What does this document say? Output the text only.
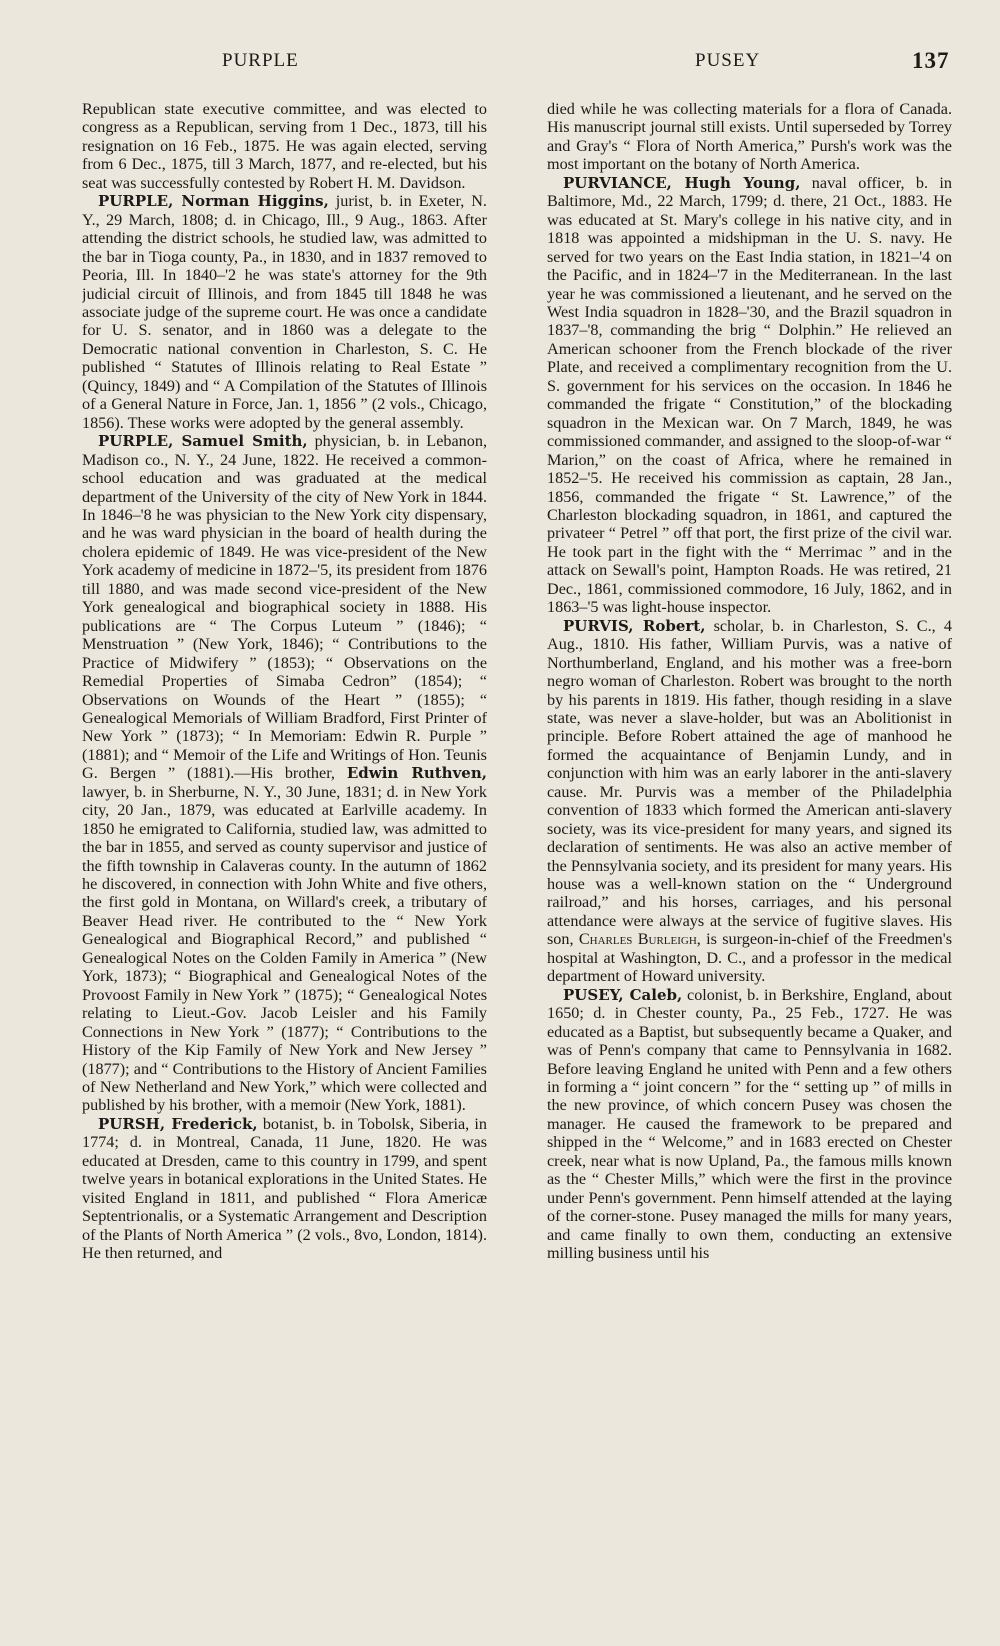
PURPLE	PUSEY	137

Republican state executive committee, and was elected to congress as a Republican, serving from 1 Dec., 1873, till his resignation on 16 Feb., 1875. He was again elected, serving from 6 Dec., 1875, till 3 March, 1877, and re-elected, but his seat was successfully contested by Robert H. M. Davidson.

PURPLE, Norman Higgins, jurist, b. in Exeter, N. Y., 29 March, 1808; d. in Chicago, Ill., 9 Aug., 1863. After attending the district schools, he studied law, was admitted to the bar in Tioga county, Pa., in 1830, and in 1837 removed to Peoria, Ill. In 1840–'2 he was state's attorney for the 9th judicial circuit of Illinois, and from 1845 till 1848 he was associate judge of the supreme court. He was once a candidate for U. S. senator, and in 1860 was a delegate to the Democratic national convention in Charleston, S. C. He published “ Statutes of Illinois relating to Real Estate ” (Quincy, 1849) and “ A Compilation of the Statutes of Illinois of a General Nature in Force, Jan. 1, 1856 ” (2 vols., Chicago, 1856). These works were adopted by the general assembly.

PURPLE, Samuel Smith, physician, b. in Lebanon, Madison co., N. Y., 24 June, 1822. He received a common-school education and was graduated at the medical department of the University of the city of New York in 1844. In 1846–'8 he was physician to the New York city dispensary, and he was ward physician in the board of health during the cholera epidemic of 1849. He was vice-president of the New York academy of medicine in 1872–'5, its president from 1876 till 1880, and was made second vice-president of the New York genealogical and biographical society in 1888. His publications are “ The Corpus Luteum ” (1846); “ Menstruation ” (New York, 1846); “ Contributions to the Practice of Midwifery ” (1853); “ Observations on the Remedial Properties of Simaba Cedron” (1854); “ Observations on Wounds of the Heart ” (1855); “ Genealogical Memorials of William Bradford, First Printer of New York ” (1873); “ In Memoriam: Edwin R. Purple ” (1881); and “ Memoir of the Life and Writings of Hon. Teunis G. Bergen ” (1881).—His brother, Edwin Ruthven, lawyer, b. in Sherburne, N. Y., 30 June, 1831; d. in New York city, 20 Jan., 1879, was educated at Earlville academy. In 1850 he emigrated to California, studied law, was admitted to the bar in 1855, and served as county supervisor and justice of the fifth township in Calaveras county. In the autumn of 1862 he discovered, in connection with John White and five others, the first gold in Montana, on Willard's creek, a tributary of Beaver Head river. He contributed to the “ New York Genealogical and Biographical Record,” and published “ Genealogical Notes on the Colden Family in America ” (New York, 1873); “ Biographical and Genealogical Notes of the Provoost Family in New York ” (1875); “ Genealogical Notes relating to Lieut.-Gov. Jacob Leisler and his Family Connections in New York ” (1877); “ Contributions to the History of the Kip Family of New York and New Jersey ” (1877); and “ Contributions to the History of Ancient Families of New Netherland and New York,” which were collected and published by his brother, with a memoir (New York, 1881).

PURSH, Frederick, botanist, b. in Tobolsk, Siberia, in 1774; d. in Montreal, Canada, 11 June, 1820. He was educated at Dresden, came to this country in 1799, and spent twelve years in botanical explorations in the United States. He visited England in 1811, and published “ Flora Americæ Septentrionalis, or a Systematic Arrangement and Description of the Plants of North America ” (2 vols., 8vo, London, 1814). He then returned, and

died while he was collecting materials for a flora of Canada. His manuscript journal still exists. Until superseded by Torrey and Gray's “ Flora of North America,” Pursh's work was the most important on the botany of North America.

PURVIANCE, Hugh Young, naval officer, b. in Baltimore, Md., 22 March, 1799; d. there, 21 Oct., 1883. He was educated at St. Mary's college in his native city, and in 1818 was appointed a midshipman in the U. S. navy. He served for two years on the East India station, in 1821–'4 on the Pacific, and in 1824–'7 in the Mediterranean. In the last year he was commissioned a lieutenant, and he served on the West India squadron in 1828–'30, and the Brazil squadron in 1837–'8, commanding the brig “ Dolphin.” He relieved an American schooner from the French blockade of the river Plate, and received a complimentary recognition from the U. S. government for his services on the occasion. In 1846 he commanded the frigate “ Constitution,” of the blockading squadron in the Mexican war. On 7 March, 1849, he was commissioned commander, and assigned to the sloop-of-war “ Marion,” on the coast of Africa, where he remained in 1852–'5. He received his commission as captain, 28 Jan., 1856, commanded the frigate “ St. Lawrence,” of the Charleston blockading squadron, in 1861, and captured the privateer “ Petrel ” off that port, the first prize of the civil war. He took part in the fight with the “ Merrimac ” and in the attack on Sewall's point, Hampton Roads. He was retired, 21 Dec., 1861, commissioned commodore, 16 July, 1862, and in 1863–'5 was light-house inspector.

PURVIS, Robert, scholar, b. in Charleston, S. C., 4 Aug., 1810. His father, William Purvis, was a native of Northumberland, England, and his mother was a free-born negro woman of Charleston. Robert was brought to the north by his parents in 1819. His father, though residing in a slave state, was never a slave-holder, but was an Abolitionist in principle. Before Robert attained the age of manhood he formed the acquaintance of Benjamin Lundy, and in conjunction with him was an early laborer in the anti-slavery cause. Mr. Purvis was a member of the Philadelphia convention of 1833 which formed the American anti-slavery society, was its vice-president for many years, and signed its declaration of sentiments. He was also an active member of the Pennsylvania society, and its president for many years. His house was a well-known station on the “ Underground railroad,” and his horses, carriages, and his personal attendance were always at the service of fugitive slaves. His son, Charles Burleigh, is surgeon-in-chief of the Freedmen's hospital at Washington, D. C., and a professor in the medical department of Howard university.

PUSEY, Caleb, colonist, b. in Berkshire, England, about 1650; d. in Chester county, Pa., 25 Feb., 1727. He was educated as a Baptist, but subsequently became a Quaker, and was of Penn's company that came to Pennsylvania in 1682. Before leaving England he united with Penn and a few others in forming a “ joint concern ” for the “ setting up ” of mills in the new province, of which concern Pusey was chosen the manager. He caused the framework to be prepared and shipped in the “ Welcome,” and in 1683 erected on Chester creek, near what is now Upland, Pa., the famous mills known as the “ Chester Mills,” which were the first in the province under Penn's government. Penn himself attended at the laying of the corner-stone. Pusey managed the mills for many years, and came finally to own them, conducting an extensive milling business until his
